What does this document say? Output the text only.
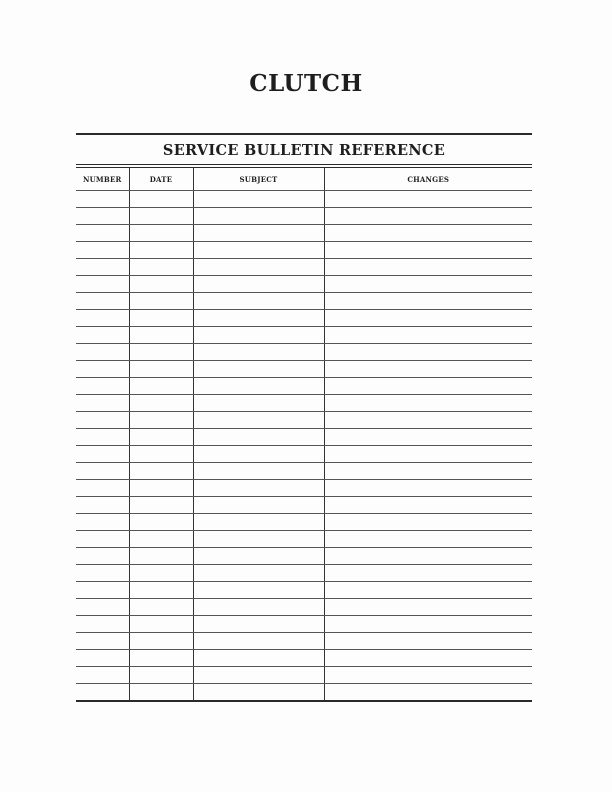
CLUTCH
SERVICE BULLETIN REFERENCE
NUMBER	DATE	SUBJECT	CHANGES
